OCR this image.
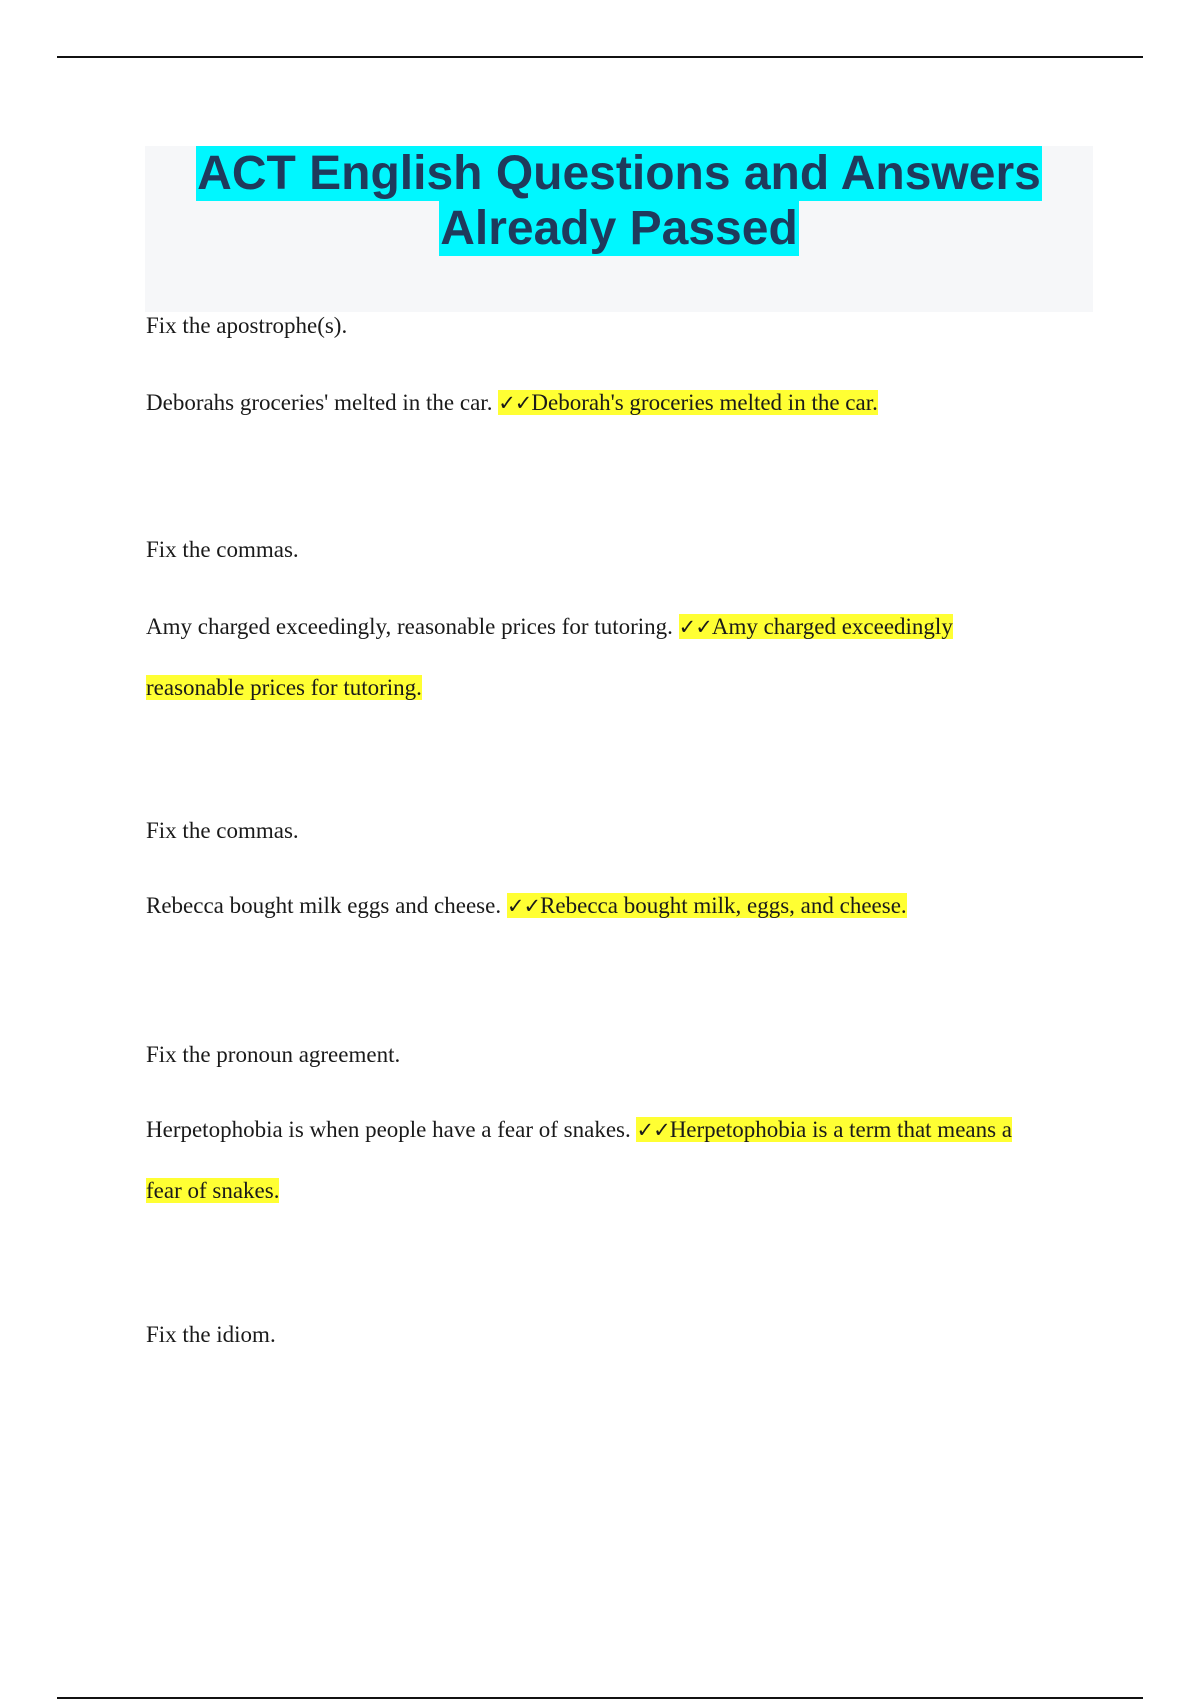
ACT English Questions and Answers
Already Passed

Fix the apostrophe(s).

Deborahs groceries' melted in the car. ✓✓Deborah's groceries melted in the car.

Fix the commas.

Amy charged exceedingly, reasonable prices for tutoring. ✓✓Amy charged exceedingly

reasonable prices for tutoring.

Fix the commas.

Rebecca bought milk eggs and cheese. ✓✓Rebecca bought milk, eggs, and cheese.

Fix the pronoun agreement.

Herpetophobia is when people have a fear of snakes. ✓✓Herpetophobia is a term that means a

fear of snakes.

Fix the idiom.
